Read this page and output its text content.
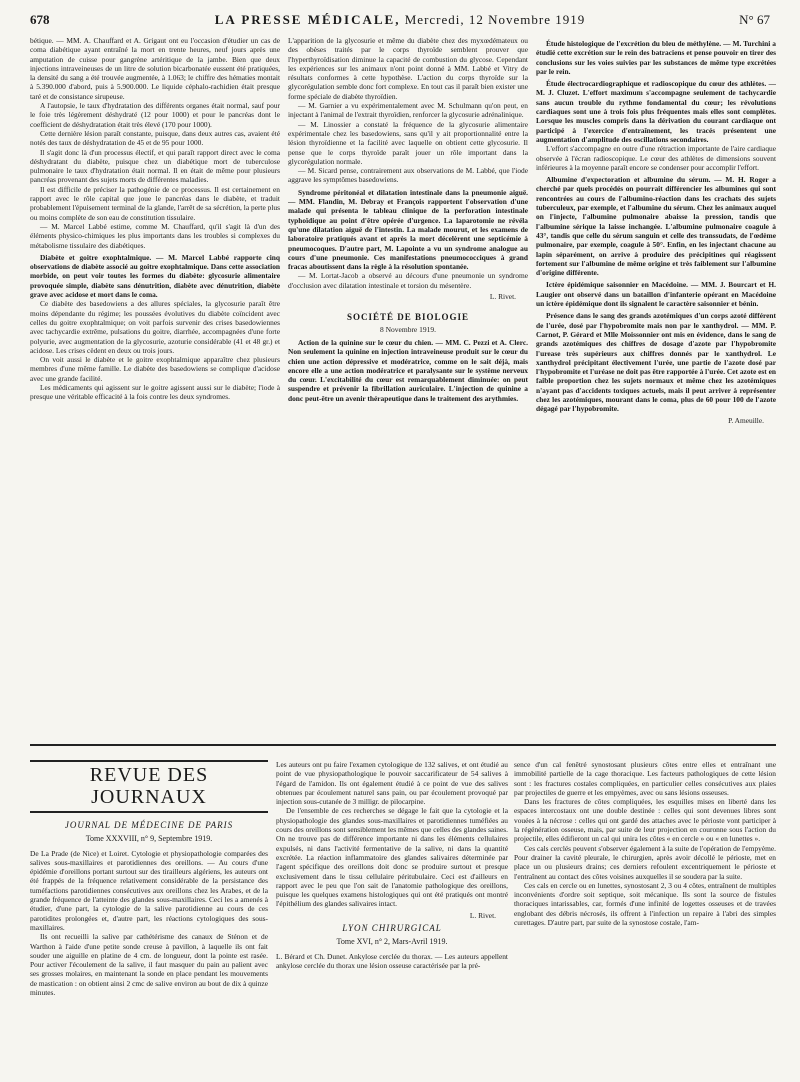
678	LA PRESSE MÉDICALE, Mercredi, 12 Novembre 1919	N° 67

bétique. — MM. A. Chauffard et A. Grigaut ont eu l'occasion d'étudier un cas de coma diabétique ayant entraîné la mort en trente heures, neuf jours après une amputation de cuisse pour gangrène artéritique de la jambe. Bien que deux injections intraveineuses de un litre de solution bicarbonatée eussent été pratiquées, la densité du sang a été trouvée augmentée, à 1.063; le chiffre des hématies montait à 5.390.000 d'abord, puis à 5.900.000. Le liquide céphalo-rachidien était presque taré et de consistance sirupeuse.

A l'autopsie, le taux d'hydratation des différents organes était normal, sauf pour le foie très légèrement déshydraté (12 pour 1000) et pour le pancréas dont le coefficient de déshydratation était très élevé (170 pour 1000).

Cette dernière lésion paraît constante, puisque, dans deux autres cas, avaient été notés des taux de déshydratation de 45 et de 95 pour 1000.

Il s'agit donc là d'un processus électif, et qui paraît rapport direct avec le coma déshydratant du diabète, puisque chez un diabétique mort de tuberculose pulmonaire le taux d'hydratation était normal. Il en était de même pour plusieurs pancréas provenant des sujets morts de différentes maladies.

Il est difficile de préciser la pathogénie de ce processus. Il est certainement en rapport avec le rôle capital que joue le pancréas dans le diabète, et traduit probablement l'épuisement terminal de la glande, l'arrêt de sa sécrétion, la perte plus ou moins complète de son eau de constitution tissulaire.

— M. Marcel Labbé estime, comme M. Chauffard, qu'il s'agit là d'un des éléments physico-chimiques les plus importants dans les troubles si complexes du métabolisme tissulaire des diabétiques.

Diabète et goitre exophtalmique. — M. Marcel Labbé rapporte cinq observations de diabète associé au goitre exophtalmique. Dans cette association morbide, on peut voir toutes les formes du diabète: glycosurie alimentaire provoquée simple, diabète sans dénutrition, diabète avec dénutrition, diabète grave avec acidose et mort dans le coma.

Ce diabète des basedowiens a des allures spéciales, la glycosurie paraît être moins dépendante du régime; les poussées évolutives du diabète coïncident avec celles du goitre exophtalmique; on voit parfois survenir des crises basedowiennes avec tachycardie extrême, pulsations du goitre, diarrhée, accompagnées d'une forte polyurie, avec augmentation de la glycosurie, azoturie considérable (41 et 48 gr.) et acidose. Les crises cèdent en deux ou trois jours.

On voit aussi le diabète et le goitre exophtalmique apparaître chez plusieurs membres d'une même famille. Le diabète des basedowiens se complique d'acidose avec une grande facilité.

Les médicaments qui agissent sur le goitre agissent aussi sur le diabète; l'iode à presque une véritable efficacité à la fois contre les deux syndromes.

L'apparition de la glycosurie et même du diabète chez des myxœdémateux ou des obèses traités par le corps thyroïde semblent prouver que l'hyperthyroïdisation diminue la capacité de combustion du glycose. Cependant les expériences sur les animaux n'ont point donné à MM. Labbé et Vitry de résultats conformes à cette hypothèse. L'action du corps thyroïde sur la glycorégulation semble donc fort complexe. En tout cas il paraît bien exister une forme spéciale de diabète thyroïdien.

— M. Garnier a vu expérimentalement avec M. Schulmann qu'on peut, en injectant à l'animal de l'extrait thyroïdien, renforcer la glycosurie adrénalinique.

— M. Linossier a constaté la fréquence de la glycosurie alimentaire expérimentale chez les basedowiens, sans qu'il y ait proportionnalité entre la lésion thyroïdienne et la facilité avec laquelle on obtient cette glycosurie. Il pense que le corps thyroïde paraît jouer un rôle important dans la glycorégulation normale.

— M. Sicard pense, contrairement aux observations de M. Labbé, que l'iode aggrave les symptômes basedowiens.

Syndrome péritonéal et dilatation intestinale dans la pneumonie aiguë. — MM. Flandin, M. Debray et François rapportent l'observation d'une malade qui présenta le tableau clinique de la perforation intestinale typhoïdique au point d'être opérée d'urgence. La laparotomie ne révéla qu'une dilatation aiguë de l'intestin. La malade mourut, et les examens de laboratoire pratiqués avant et après la mort décelèrent une septicémie à pneumocoques. D'autre part, M. Lapointe a vu un syndrome analogue au cours d'une pneumonie. Ces manifestations pneumococciques à grand fracas aboutissent dans la règle à la résolution spontanée.

— M. Lortat-Jacob a observé au décours d'une pneumonie un syndrome d'occlusion avec dilatation intestinale et torsion du mésentère.

L. Rivet.

SOCIÉTÉ DE BIOLOGIE
8 Novembre 1919.

Action de la quinine sur le cœur du chien. — MM. C. Pezzi et A. Clerc. Non seulement la quinine en injection intraveineuse produit sur le cœur du chien une action dépressive et modératrice, comme on le sait déjà, mais encore elle a une action modératrice et paralysante sur le système nerveux du cœur. L'excitabilité du cœur est remarquablement diminuée: on peut suspendre et prévenir la fibrillation auriculaire. L'injection de quinine a donc peut-être un avenir thérapeutique dans le traitement des arythmies.

Étude histologique de l'excrétion du bleu de méthylène. — M. Turchini a étudié cette excrétion sur le rein des batraciens et pense pouvoir en tirer des conclusions sur les voies suivies par les substances de même type excrétées par le rein.

Étude électrocardiographique et radioscopique du cœur des athlètes. — M. J. Cluzet. L'effort maximum s'accompagne seulement de tachycardie sans aucun trouble du rythme fondamental du cœur; les révolutions cardiaques sont une à trois fois plus fréquentes mais elles sont complètes. Lorsque les muscles compris dans la dérivation du courant cardiaque ont participé à l'exercice d'entraînement, les tracés présentent une augmentation d'amplitude des oscillations secondaires.

L'effort s'accompagne en outre d'une rétraction importante de l'aire cardiaque observée à l'écran radioscopique. Le cœur des athlètes de dimensions souvent inférieures à la moyenne paraît encore se condenser pour accomplir l'effort.

Albumine d'expectoration et albumine du sérum. — M. H. Roger a cherché par quels procédés on pourrait différencier les albumines qui sont rencontrées au cours de l'albumino-réaction dans les crachats des sujets tuberculeux, par exemple, et l'albumine du sérum. Chez les animaux auquel on l'injecte, l'albumine pulmonaire abaisse la pression, tandis que l'albumine sérique la laisse inchangée. L'albumine pulmonaire coagule à 43°, tandis que celle du sérum sanguin et celle des transsudats, de l'œdème pulmonaire, par exemple, coagule à 50°. Enfin, en les injectant chacune au lapin séparément, on arrive à produire des précipitines qui réagissent fortement sur l'albumine de même origine et très faiblement sur l'albumine d'origine différente.

Ictère épidémique saisonnier en Macédoine. — MM. J. Bourcart et H. Laugier ont observé dans un bataillon d'infanterie opérant en Macédoine un ictère épidémique dont ils signalent le caractère saisonnier et bénin.

Présence dans le sang des grands azotémiques d'un corps azoté différent de l'urée, dosé par l'hypobromite mais non par le xanthydrol. — MM. P. Carnot, P. Gérard et Mlle Moissonnier ont mis en évidence, dans le sang de grands azotémiques des chiffres de dosage d'azote par l'hypobromite l'urease très supérieurs aux chiffres donnés par le xanthydrol. Le xanthydrol précipitant électivement l'urée, une partie de l'azote dosé par l'hypobromite et l'uréase ne doit pas être rapportée à l'urée. Cet azote est en faible proportion chez les sujets normaux et même chez les azotémiques n'ayant pas d'accidents toxiques actuels, mais il peut arriver à représenter chez les azotémiques, mourant dans le coma, plus de 60 pour 100 de l'azote dégagé par l'hypobromite.

P. Ameuille.

REVUE DES JOURNAUX
JOURNAL DE MÉDECINE DE PARIS
Tome XXXVIII, n° 9, Septembre 1919.

De La Prade (de Nice) et Loiret. Cytologie et physiopathologie comparées des salives sous-maxillaires et parotidiennes des oreillons. — Au cours d'une épidémie d'oreillons portant surtout sur des tirailleurs algériens, les auteurs ont été frappés de la fréquence relativement considérable de la persistance des tuméfactions parotidiennes consécutives aux oreillons chez les Arabes, et de la grande fréquence de l'atteinte des glandes sous-maxillaires. Ceci les a amenés à étudier, d'une part, la cytologie de la salive parotidienne au cours de ces parotidites prolongées et, d'autre part, les réactions cytologiques des sous-maxillaires.

Ils ont recueilli la salive par cathétérisme des canaux de Sténon et de Warthon à l'aide d'une petite sonde creuse à pavillon, à laquelle ils ont fait souder une aiguille en platine de 4 cm. de longueur, dont la pointe est rasée. Pour activer l'écoulement de la salive, il faut masquer du pain au palient avec ses grosses molaires, en maintenant la sonde en place pendant les mouvements de mastication : on obtient ainsi 2 cmc de salive environ au bout de dix à quinze minutes.

Les auteurs ont pu faire l'examen cytologique de 132 salives, et ont étudié au point de vue physiopathologique le pouvoir saccarificateur de 54 salives à l'égard de l'amidon. Ils ont également étudié à ce point de vue des salives obtenues par écoulement naturel sans pain, ou par écoulement provoqué par injection sous-cutanée de 3 milligr. de pilocarpine.

De l'ensemble de ces recherches se dégage le fait que la cytologie et la physiopathologie des glandes sous-maxillaires et parotidiennes tuméfiées au cours des oreillons sont sensiblement les mêmes que celles des glandes saines. On ne trouve pas de différence importante ni dans les éléments cellulaires expulsés, ni dans l'activité fermentative de la salive, ni dans la quantité excrétée. La réaction inflammatoire des glandes salivaires déterminée par l'agent spécifique des oreillons doit donc se produire surtout et presque exclusivement dans le tissu cellulaire péritubulaire. Ceci est d'ailleurs en rapport avec le peu que l'on sait de l'anatomie pathologique des oreillons, puisque les quelques examens histologiques qui ont été pratiqués ont montré l'épithélium des glandes salivaires intact.

L. Rivet.

LYON CHIRURGICAL
Tome XVI, n° 2, Mars-Avril 1919.

L. Bérard et Ch. Dunet. Ankylose cerclée du thorax. — Les auteurs appellent ankylose cerclée du thorax une lésion osseuse caractérisée par la pré-

sence d'un cal fenêtré synostosant plusieurs côtes entre elles et entraînant une immobilité partielle de la cage thoracique. Les facteurs pathologiques de cette lésion sont : les fractures costales compliquées, en particulier celles consécutives aux plaies par projectiles de guerre et les empyèmes, avec ou sans lésions osseuses.

Dans les fractures de côtes compliquées, les esquilles mises en liberté dans les espaces intercostaux ont une double destinée : celles qui sont devenues libres sont vouées à la nécrose : celles qui ont gardé des attaches avec le périoste vont participer à la régénération osseuse, mais, par suite de leur projection en couronne sous l'action du projectile, elles édifieront un cal qui unira les côtes « en cercle » ou « en lunettes ».

Ces cals cerclés peuvent s'observer également à la suite de l'opération de l'empyème. Pour drainer la cavité pleurale, le chirurgien, après avoir décollé le périoste, met en place un ou plusieurs drains; ces derniers refoulent excentriquement le périoste et l'entraînent au contact des côtes voisines auxquelles il se soudera par la suite.

Ces cals en cercle ou en lunettes, synostosant 2, 3 ou 4 côtes, entraînent de multiples inconvénients d'ordre soit septique, soit mécanique. Ils sont la source de fistules thoraciques intarissables, car, formés d'une infinité de logettes osseuses et de travées englobant des débris nécrosés, ils offrent à l'infection un repaire à l'abri des simples curettages. D'autre part, par suite de la synostose costale, l'am-
